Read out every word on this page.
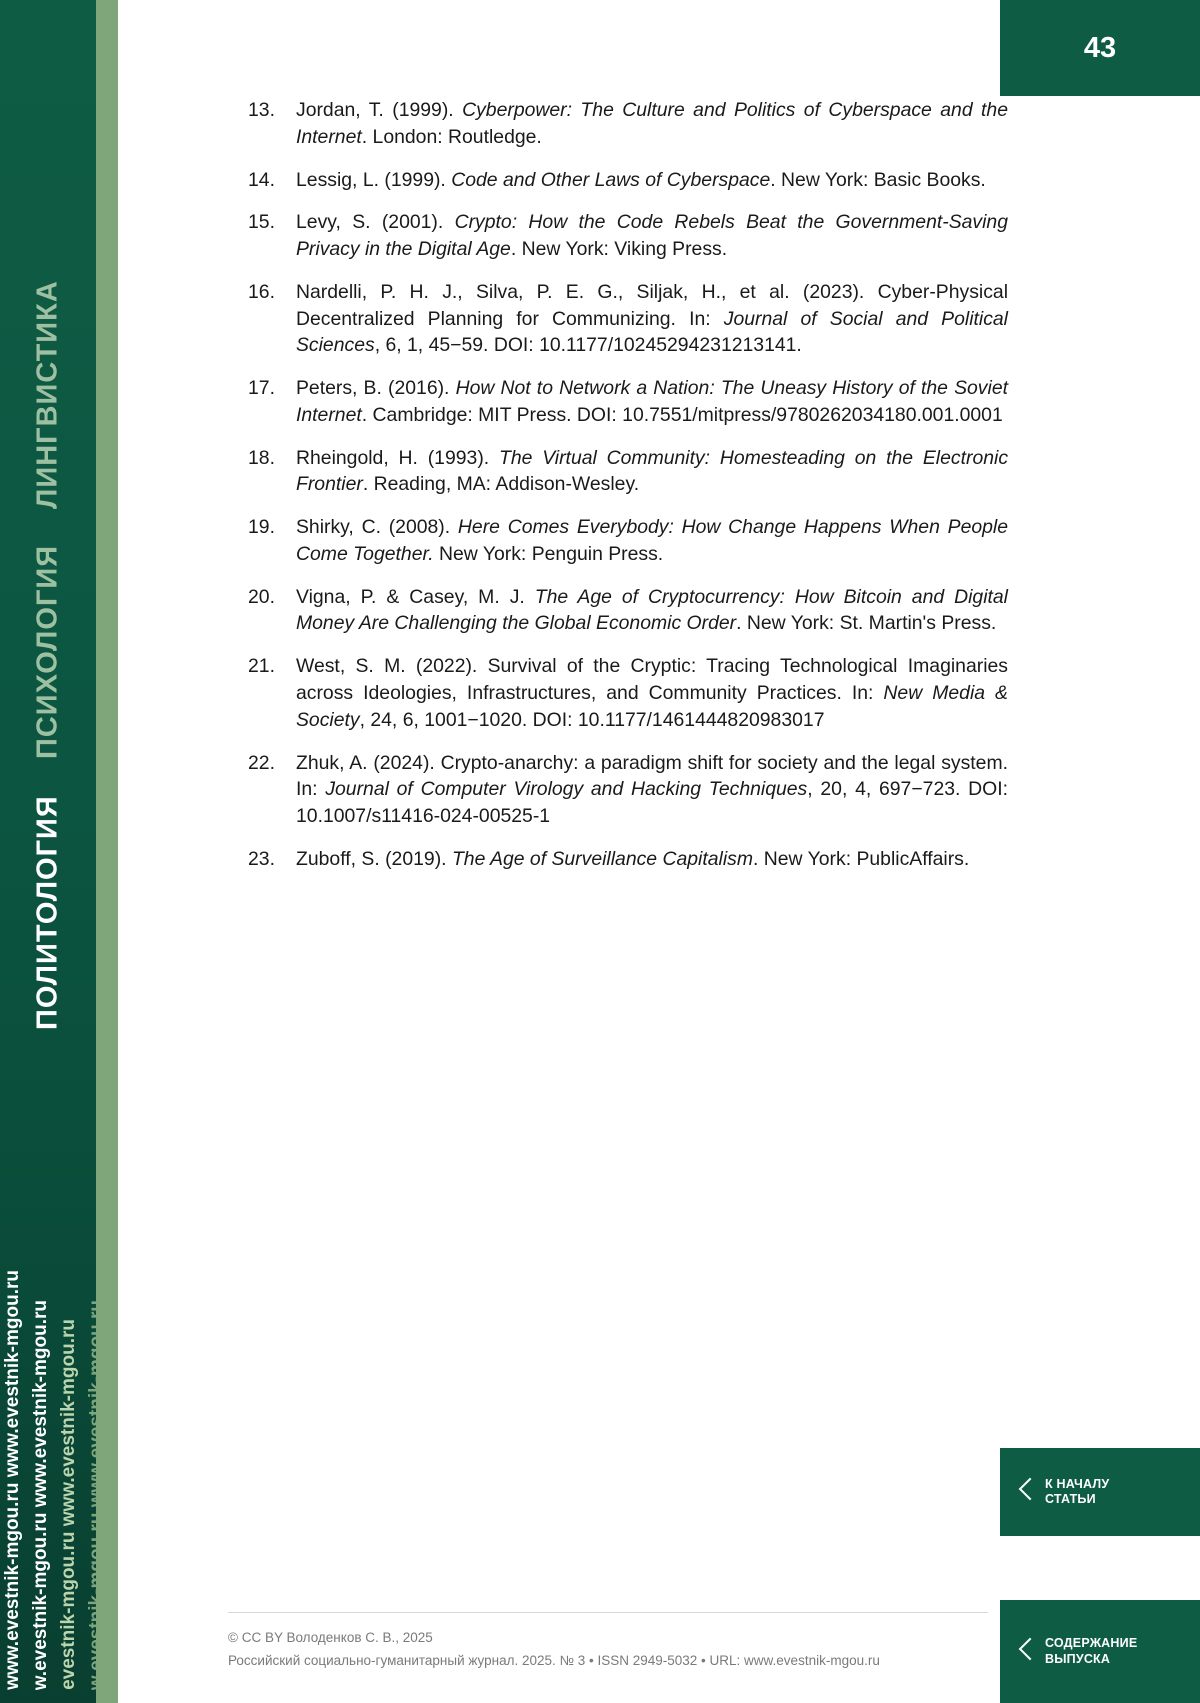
ПОЛИТОЛОГИЯ
ПСИХОЛОГИЯ
ЛИНГВИСТИКА
www.evestnik-mgou.ru www.evestnik-mgou.ru w.evestnik-mgou.ru www.evestnik-mgou.ru evestnik-mgou.ru www.evestnik-mgou.ru w.evestnik-mgou.ru www.evestnik-mgou.ru
43
13.	Jordan, T. (1999). Cyberpower: The Culture and Politics of Cyberspace and the Internet. London: Routledge.
14.	Lessig, L. (1999). Code and Other Laws of Cyberspace. New York: Basic Books.
15.	Levy, S. (2001). Crypto: How the Code Rebels Beat the Government-Saving Privacy in the Digital Age. New York: Viking Press.
16.	Nardelli, P. H. J., Silva, P. E. G., Siljak, H., et al. (2023). Cyber-Physical Decentralized Planning for Communizing. In: Journal of Social and Political Sciences, 6, 1, 45−59. DOI: 10.1177/10245294231213141.
17.	Peters, B. (2016). How Not to Network a Nation: The Uneasy History of the Soviet Internet. Cambridge: MIT Press. DOI: 10.7551/mitpress/9780262034180.001.0001
18.	Rheingold, H. (1993). The Virtual Community: Homesteading on the Electronic Frontier. Reading, MA: Addison-Wesley.
19.	Shirky, C. (2008). Here Comes Everybody: How Change Happens When People Come Together. New York: Penguin Press.
20.	Vigna, P. & Casey, M. J. The Age of Cryptocurrency: How Bitcoin and Digital Money Are Challenging the Global Economic Order. New York: St. Martin's Press.
21.	West, S. M. (2022). Survival of the Cryptic: Tracing Technological Imaginaries across Ideologies, Infrastructures, and Community Practices. In: New Media & Society, 24, 6, 1001−1020. DOI: 10.1177/1461444820983017
22.	Zhuk, A. (2024). Crypto-anarchy: a paradigm shift for society and the legal system. In: Journal of Computer Virology and Hacking Techniques, 20, 4, 697−723. DOI: 10.1007/s11416-024-00525-1
23.	Zuboff, S. (2019). The Age of Surveillance Capitalism. New York: PublicAffairs.
К НАЧАЛУ
СТАТЬИ
СОДЕРЖАНИЕ
ВЫПУСКА
© CC BY Володенков С. В., 2025
Российский социально-гуманитарный журнал. 2025. № 3 • ISSN 2949-5032 • URL: www.evestnik-mgou.ru
